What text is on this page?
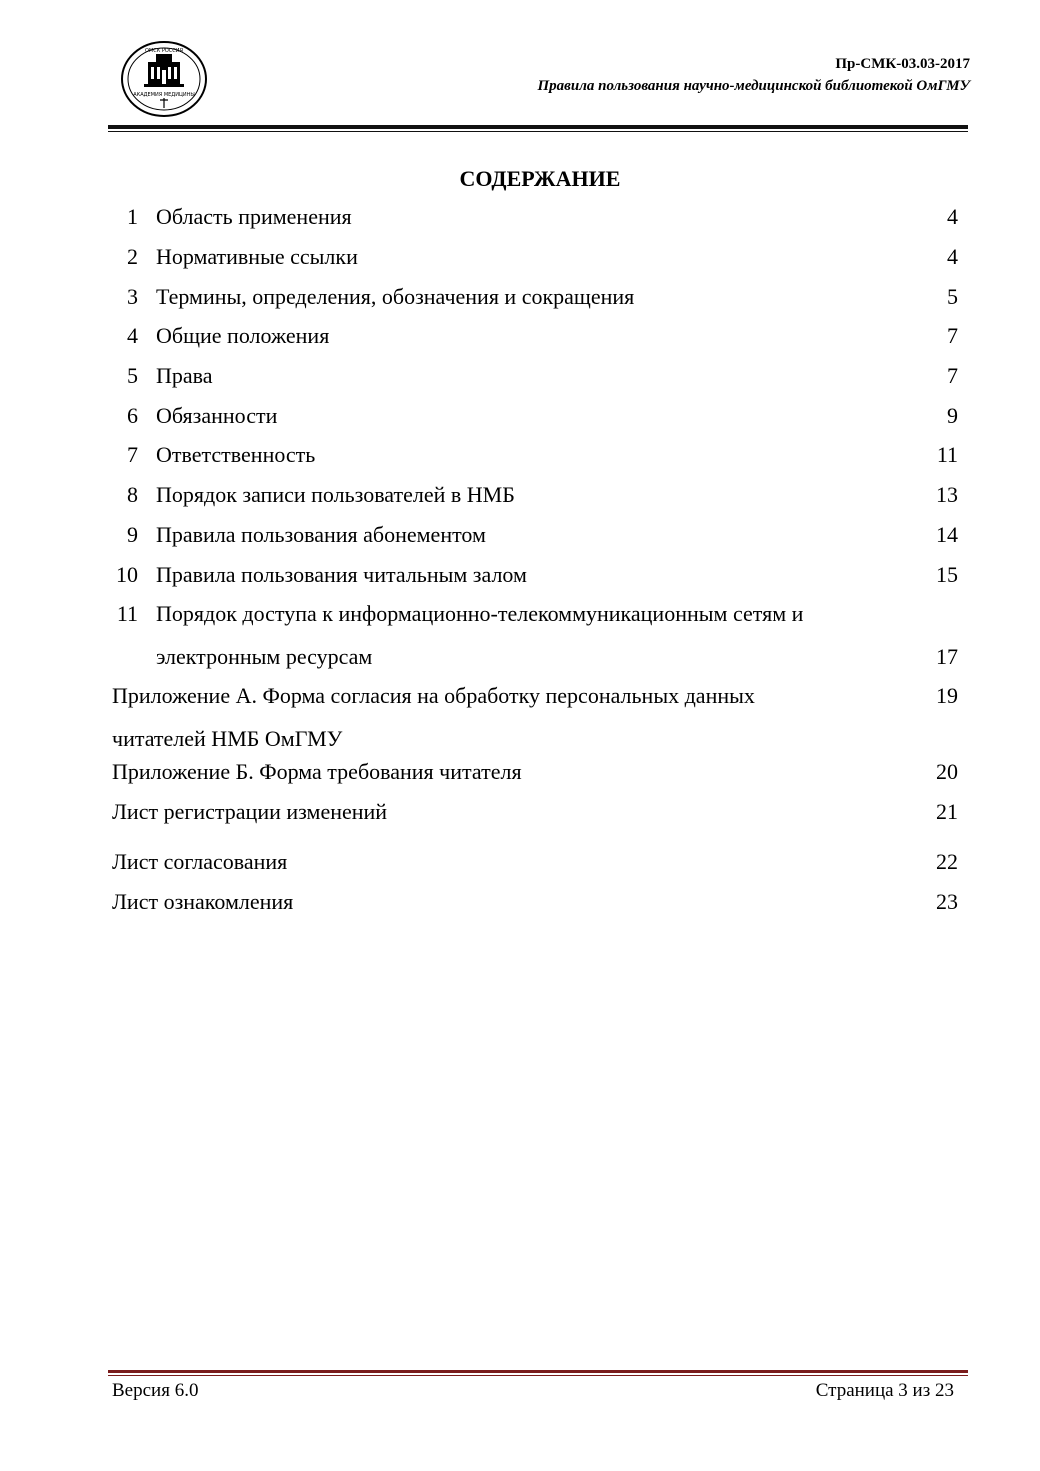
АКАДЕМИЯ МЕДИЦИНЫ
ОМСК РОССИЯ
Пр-СМК-03.03-2017
Правила пользования научно-медицинской библиотекой ОмГМУ
СОДЕРЖАНИЕ
1 Область применения	4
2 Нормативные ссылки	4
3 Термины, определения, обозначения и сокращения	5
4 Общие положения	7
5 Права	7
6 Обязанности	9
7 Ответственность	11
8 Порядок записи пользователей в НМБ	13
9 Правила пользования абонементом	14
10 Правила пользования читальным залом	15
11 Порядок доступа к информационно-телекоммуникационным сетям и
электронным ресурсам	17
Приложение А. Форма согласия на обработку персональных данных	19
читателей НМБ ОмГМУ
Приложение Б. Форма требования читателя	20
Лист регистрации изменений	21
Лист согласования	22
Лист ознакомления	23
Версия 6.0	Страница 3 из 23
